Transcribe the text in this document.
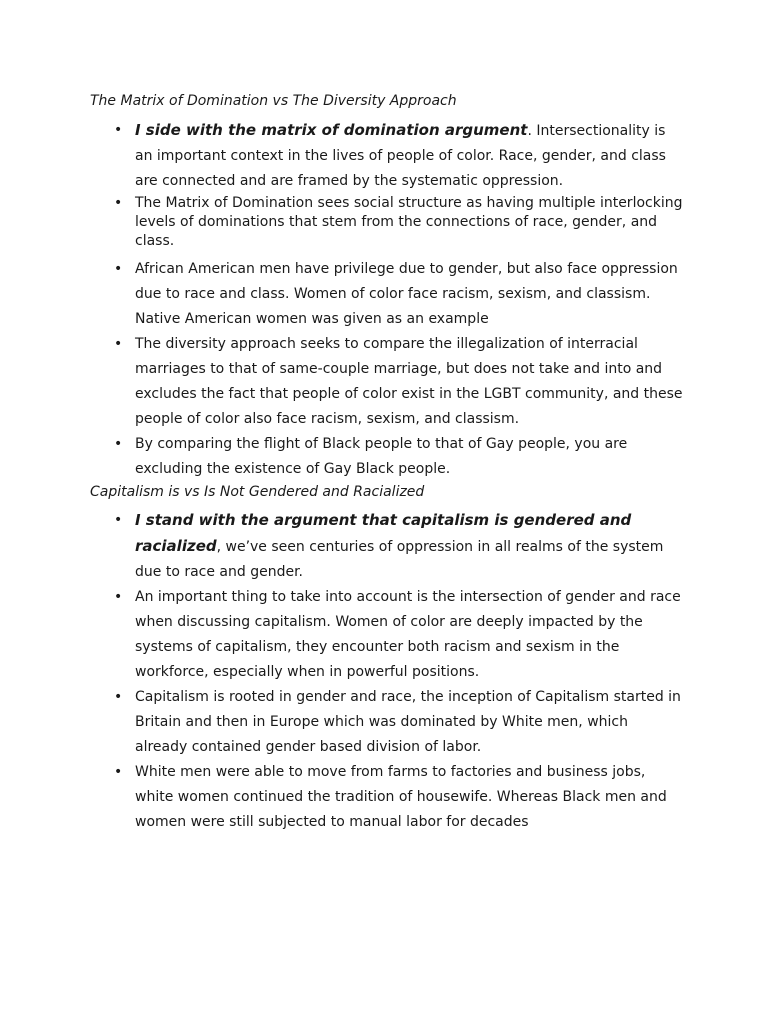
The Matrix of Domination vs The Diversity Approach
• I side with the matrix of domination argument. Intersectionality is an important context in the lives of people of color. Race, gender, and class are connected and are framed by the systematic oppression.
• The Matrix of Domination sees social structure as having multiple interlocking levels of dominations that stem from the connections of race, gender, and class.
• African American men have privilege due to gender, but also face oppression due to race and class. Women of color face racism, sexism, and classism. Native American women was given as an example
• The diversity approach seeks to compare the illegalization of interracial marriages to that of same-couple marriage, but does not take and into and excludes the fact that people of color exist in the LGBT community, and these people of color also face racism, sexism, and classism.
• By comparing the flight of Black people to that of Gay people, you are excluding the existence of Gay Black people.
Capitalism is vs Is Not Gendered and Racialized
• I stand with the argument that capitalism is gendered and racialized, we’ve seen centuries of oppression in all realms of the system due to race and gender.
• An important thing to take into account is the intersection of gender and race when discussing capitalism. Women of color are deeply impacted by the systems of capitalism, they encounter both racism and sexism in the workforce, especially when in powerful positions.
• Capitalism is rooted in gender and race, the inception of Capitalism started in Britain and then in Europe which was dominated by White men, which already contained gender based division of labor.
• White men were able to move from farms to factories and business jobs, white women continued the tradition of housewife. Whereas Black men and women were still subjected to manual labor for decades
